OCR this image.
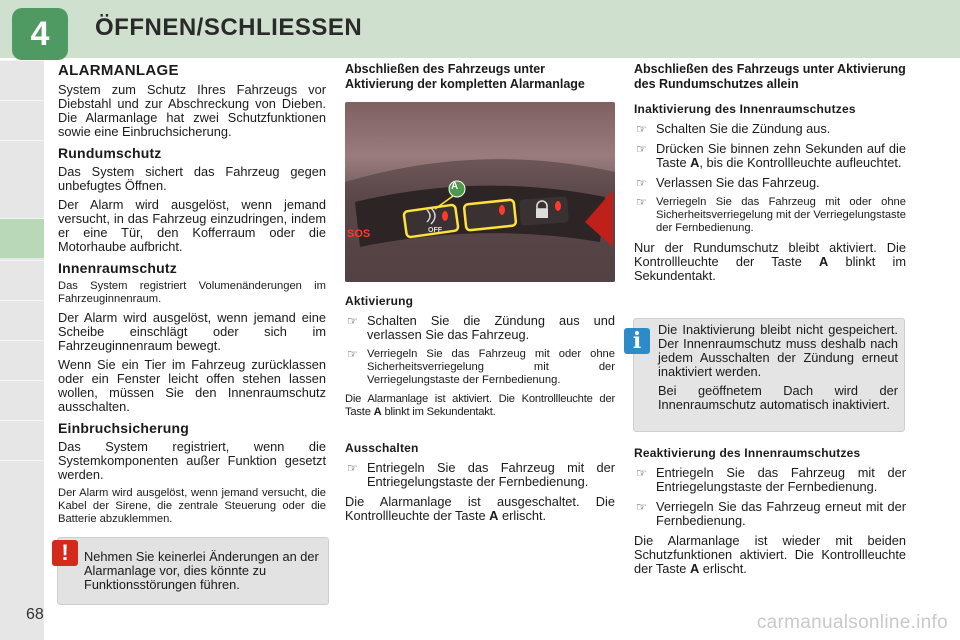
4	ÖFFNEN/SCHLIESSEN
ALARMANLAGE
System zum Schutz Ihres Fahrzeugs vor Diebstahl und zur Abschreckung von Dieben. Die Alarmanlage hat zwei Schutzfunktionen sowie eine Einbruchsicherung.
Rundumschutz
Das System sichert das Fahrzeug gegen unbefugtes Öffnen.
Der Alarm wird ausgelöst, wenn jemand versucht, in das Fahrzeug einzudringen, indem er eine Tür, den Kofferraum oder die Motorhaube aufbricht.
Innenraumschutz
Das System registriert Volumenänderungen im Fahrzeuginnenraum.
Der Alarm wird ausgelöst, wenn jemand eine Scheibe einschlägt oder sich im Fahrzeuginnenraum bewegt.
Wenn Sie ein Tier im Fahrzeug zurücklassen oder ein Fenster leicht offen stehen lassen wollen, müssen Sie den Innenraumschutz ausschalten.
Einbruchsicherung
Das System registriert, wenn die Systemkomponenten außer Funktion gesetzt werden.
Der Alarm wird ausgelöst, wenn jemand versucht, die Kabel der Sirene, die zentrale Steuerung oder die Batterie abzuklemmen.
!	Nehmen Sie keinerlei Änderungen an der Alarmanlage vor, dies könnte zu Funktionsstörungen führen.
Abschließen des Fahrzeugs unter Aktivierung der kompletten Alarmanlage
A
SOS	OFF
Aktivierung
☞ Schalten Sie die Zündung aus und verlassen Sie das Fahrzeug.
☞ Verriegeln Sie das Fahrzeug mit oder ohne Sicherheitsverriegelung mit der Verriegelungstaste der Fernbedienung.
Die Alarmanlage ist aktiviert. Die Kontrollleuchte der Taste A blinkt im Sekundentakt.
Ausschalten
☞ Entriegeln Sie das Fahrzeug mit der Entriegelungstaste der Fernbedienung.
Die Alarmanlage ist ausgeschaltet. Die Kontrollleuchte der Taste A erlischt.
Abschließen des Fahrzeugs unter Aktivierung des Rundumschutzes allein
Inaktivierung des Innenraumschutzes
☞ Schalten Sie die Zündung aus.
☞ Drücken Sie binnen zehn Sekunden auf die Taste A, bis die Kontrollleuchte aufleuchtet.
☞ Verlassen Sie das Fahrzeug.
☞ Verriegeln Sie das Fahrzeug mit oder ohne Sicherheitsverriegelung mit der Verriegelungstaste der Fernbedienung.
Nur der Rundumschutz bleibt aktiviert. Die Kontrollleuchte der Taste A blinkt im Sekundentakt.
i	Die Inaktivierung bleibt nicht gespeichert. Der Innenraumschutz muss deshalb nach jedem Ausschalten der Zündung erneut inaktiviert werden.
Bei geöffnetem Dach wird der Innenraumschutz automatisch inaktiviert.
Reaktivierung des Innenraumschutzes
☞ Entriegeln Sie das Fahrzeug mit der Entriegelungstaste der Fernbedienung.
☞ Verriegeln Sie das Fahrzeug erneut mit der Fernbedienung.
Die Alarmanlage ist wieder mit beiden Schutzfunktionen aktiviert. Die Kontrollleuchte der Taste A erlischt.
68	carmanualsonline.info
